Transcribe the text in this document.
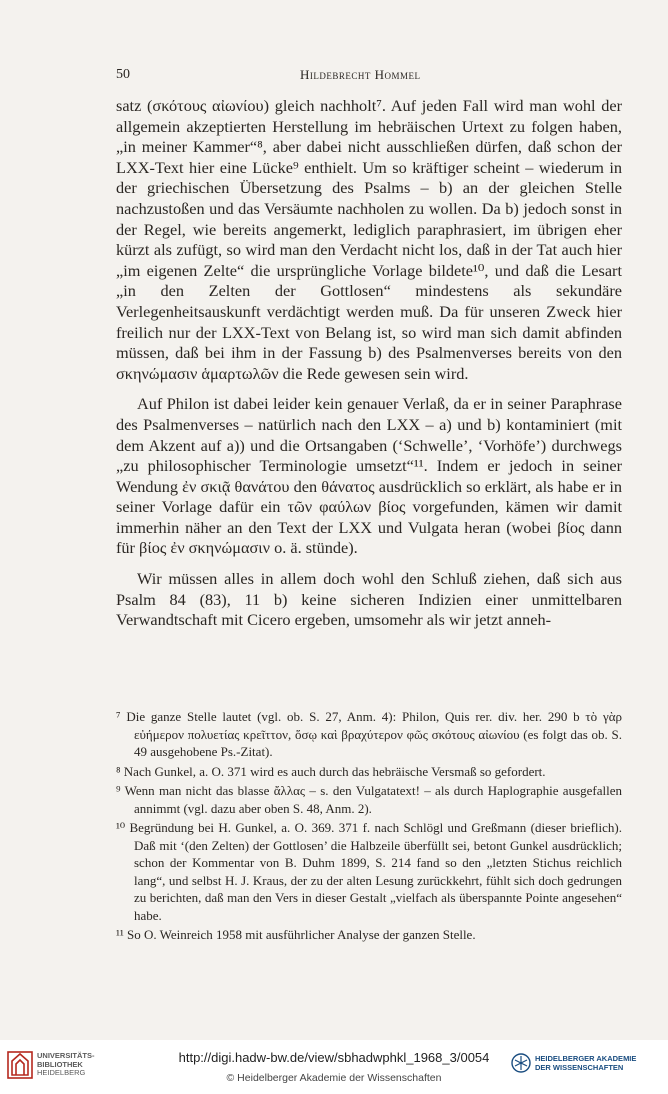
50	Hildebrecht Hommel

satz (σκότους αἰωνίου) gleich nachholt⁷. Auf jeden Fall wird man wohl der allgemein akzeptierten Herstellung im hebräischen Urtext zu folgen haben, „in meiner Kammer“⁸, aber dabei nicht ausschließen dürfen, daß schon der LXX-Text hier eine Lücke⁹ enthielt. Um so kräftiger scheint – wiederum in der griechischen Übersetzung des Psalms – b) an der gleichen Stelle nachzustoßen und das Versäumte nachholen zu wollen. Da b) jedoch sonst in der Regel, wie bereits angemerkt, lediglich paraphrasiert, im übrigen eher kürzt als zufügt, so wird man den Verdacht nicht los, daß in der Tat auch hier „im eigenen Zelte“ die ursprüngliche Vorlage bildete¹⁰, und daß die Lesart „in den Zelten der Gottlosen“ mindestens als sekundäre Verlegenheitsauskunft verdächtigt werden muß. Da für unseren Zweck hier freilich nur der LXX-Text von Belang ist, so wird man sich damit abfinden müssen, daß bei ihm in der Fassung b) des Psalmenverses bereits von den σκηνώμασιν ἁμαρτωλῶν die Rede gewesen sein wird.

Auf Philon ist dabei leider kein genauer Verlaß, da er in seiner Paraphrase des Psalmenverses – natürlich nach den LXX – a) und b) kontaminiert (mit dem Akzent auf a)) und die Ortsangaben (‘Schwelle’, ‘Vorhöfe’) durchwegs „zu philosophischer Terminologie umsetzt“¹¹. Indem er jedoch in seiner Wendung ἐν σκιᾷ θανάτου den θάνατος ausdrücklich so erklärt, als habe er in seiner Vorlage dafür ein τῶν φαύλων βίος vorgefunden, kämen wir damit immerhin näher an den Text der LXX und Vulgata heran (wobei βίος dann für βίος ἐν σκηνώμασιν o. ä. stünde).

Wir müssen alles in allem doch wohl den Schluß ziehen, daß sich aus Psalm 84 (83), 11 b) keine sicheren Indizien einer unmittelbaren Verwandtschaft mit Cicero ergeben, umsomehr als wir jetzt anneh-

⁷ Die ganze Stelle lautet (vgl. ob. S. 27, Anm. 4): Philon, Quis rer. div. her. 290 b τὸ γὰρ εὐήμερον πολυετίας κρεῖττον, ὅσῳ καὶ βραχύτερον φῶς σκότους αἰωνίου (es folgt das ob. S. 49 ausgehobene Ps.-Zitat).
⁸ Nach Gunkel, a. O. 371 wird es auch durch das hebräische Versmaß so gefordert.
⁹ Wenn man nicht das blasse ἄλλας – s. den Vulgatatext! – als durch Haplographie ausgefallen annimmt (vgl. dazu aber oben S. 48, Anm. 2).
¹⁰ Begründung bei H. Gunkel, a. O. 369. 371 f. nach Schlögl und Greßmann (dieser brieflich). Daß mit ‘(den Zelten) der Gottlosen’ die Halbzeile überfüllt sei, betont Gunkel ausdrücklich; schon der Kommentar von B. Duhm 1899, S. 214 fand so den „letzten Stichus reichlich lang“, und selbst H. J. Kraus, der zu der alten Lesung zurückkehrt, fühlt sich doch gedrungen zu berichten, daß man den Vers in dieser Gestalt „vielfach als überspannte Pointe angesehen“ habe.
¹¹ So O. Weinreich 1958 mit ausführlicher Analyse der ganzen Stelle.
UNIVERSITÄTS-
BIBLIOTHEK
HEIDELBERG
http://digi.hadw-bw.de/view/sbhadwphkl_1968_3/0054
© Heidelberger Akademie der Wissenschaften
HEIDELBERGER AKADEMIE
DER WISSENSCHAFTEN
